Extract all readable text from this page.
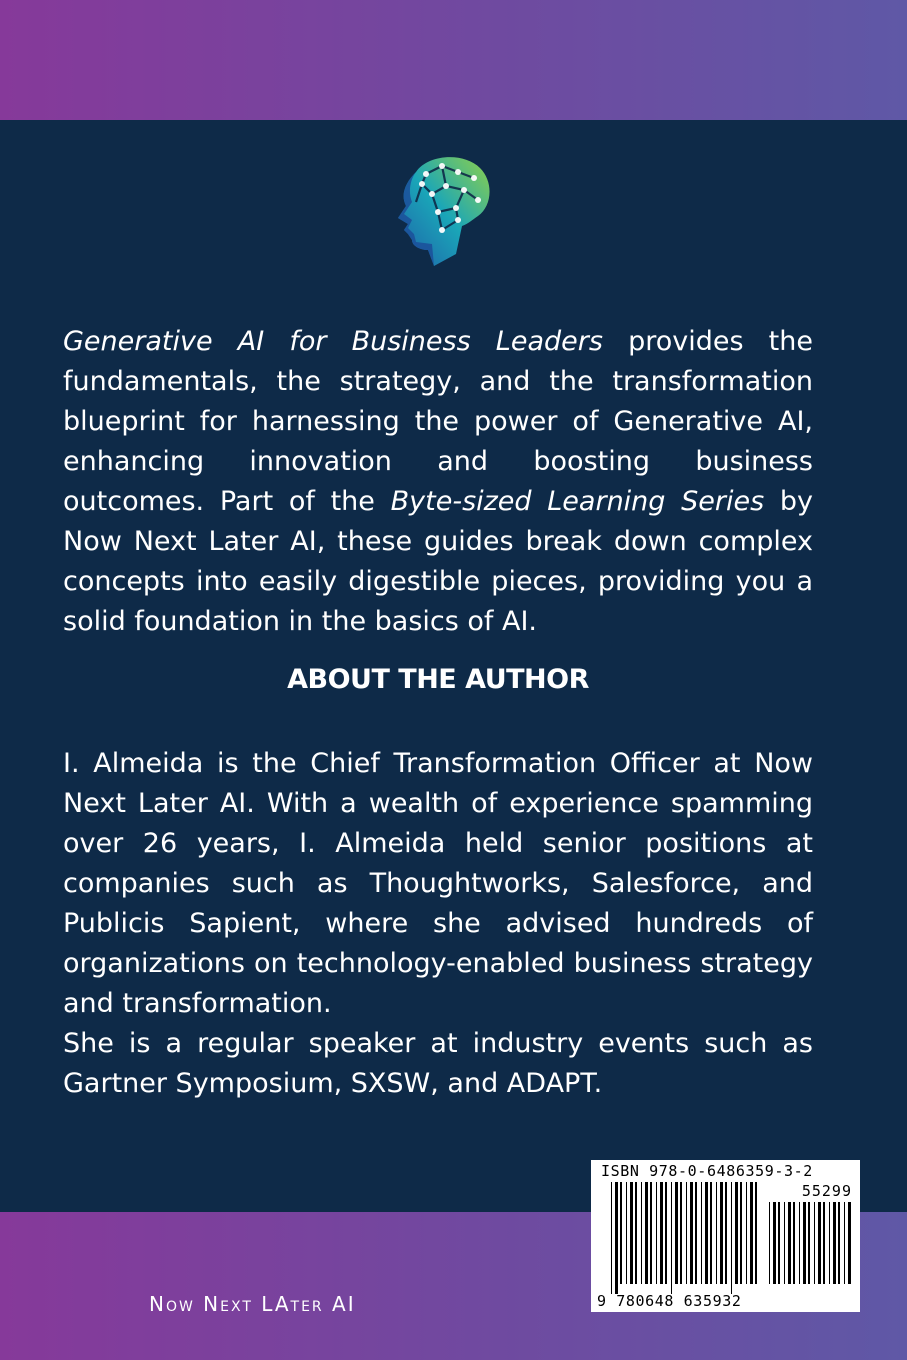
Generative AI for Business Leaders provides the fundamentals, the strategy, and the transformation blueprint for harnessing the power of Generative AI, enhancing innovation and boosting business outcomes. Part of the Byte-sized Learning Series by Now Next Later AI, these guides break down complex concepts into easily digestible pieces, providing you a solid foundation in the basics of AI.

ABOUT THE AUTHOR

I. Almeida is the Chief Transformation Officer at Now Next Later AI. With a wealth of experience spamming over 26 years, I. Almeida held senior positions at companies such as Thoughtworks, Salesforce, and Publicis Sapient, where she advised hundreds of organizations on technology-enabled business strategy and transformation.

She is a regular speaker at industry events such as Gartner Symposium, SXSW, and ADAPT.

Now Next LAter AI
ISBN 978-0-6486359-3-2
55299
9 780648 635932
